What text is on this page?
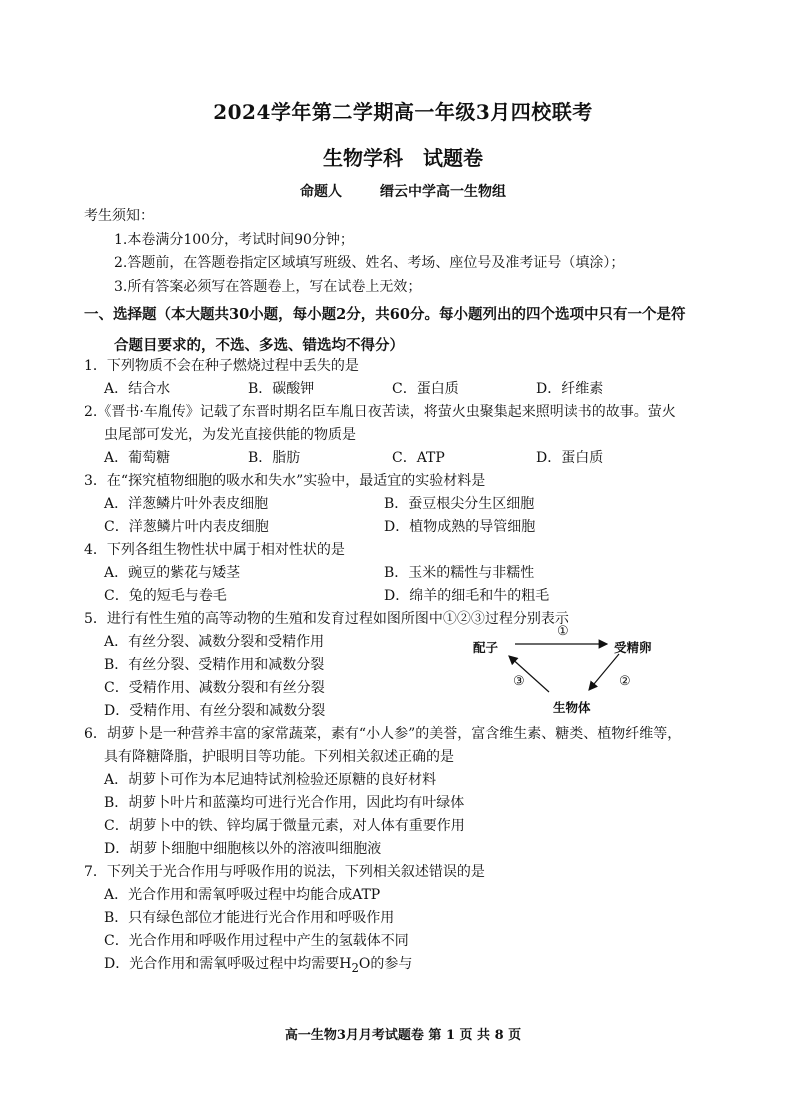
2024学年第二学期高一年级3月四校联考
生物学科　试题卷
命题人	缙云中学高一生物组

考生须知：

1.本卷满分100分，考试时间90分钟；

2.答题前，在答题卷指定区域填写班级、姓名、考场、座位号及准考证号（填涂）；

3.所有答案必须写在答题卷上，写在试卷上无效；

一、选择题（本大题共30小题，每小题2分，共60分。每小题列出的四个选项中只有一个是符
合题目要求的，不选、多选、错选均不得分）

1．下列物质不会在种子燃烧过程中丢失的是

A．结合水	B．碳酸钾	C．蛋白质	D．纤维素

2.《晋书·车胤传》记载了东晋时期名臣车胤日夜苦读，将萤火虫聚集起来照明读书的故事。萤火

虫尾部可发光，为发光直接供能的物质是

A．葡萄糖	B．脂肪	C．ATP	D．蛋白质

3．在“探究植物细胞的吸水和失水”实验中，最适宜的实验材料是

A．洋葱鳞片叶外表皮细胞	B．蚕豆根尖分生区细胞
C．洋葱鳞片叶内表皮细胞	D．植物成熟的导管细胞

4．下列各组生物性状中属于相对性状的是

A．豌豆的紫花与矮茎	B．玉米的糯性与非糯性
C．兔的短毛与卷毛	D．绵羊的细毛和牛的粗毛

5．进行有性生殖的高等动物的生殖和发育过程如图所图中①②③过程分别表示

A．有丝分裂、减数分裂和受精作用
B．有丝分裂、受精作用和减数分裂
C．受精作用、减数分裂和有丝分裂
D．受精作用、有丝分裂和减数分裂
配子	受精卵
生物体
①
②
③

6．胡萝卜是一种营养丰富的家常蔬菜，素有“小人参”的美誉，富含维生素、糖类、植物纤维等，

具有降糖降脂，护眼明目等功能。下列相关叙述正确的是

A．胡萝卜可作为本尼迪特试剂检验还原糖的良好材料
B．胡萝卜叶片和蓝藻均可进行光合作用，因此均有叶绿体
C．胡萝卜中的铁、锌均属于微量元素，对人体有重要作用
D．胡萝卜细胞中细胞核以外的溶液叫细胞液

7．下列关于光合作用与呼吸作用的说法，下列相关叙述错误的是

A．光合作用和需氧呼吸过程中均能合成ATP
B．只有绿色部位才能进行光合作用和呼吸作用
C．光合作用和呼吸作用过程中产生的氢载体不同
D．光合作用和需氧呼吸过程中均需要$H_2O$的参与
高一生物3月月考试题卷 第 1 页 共 8 页
